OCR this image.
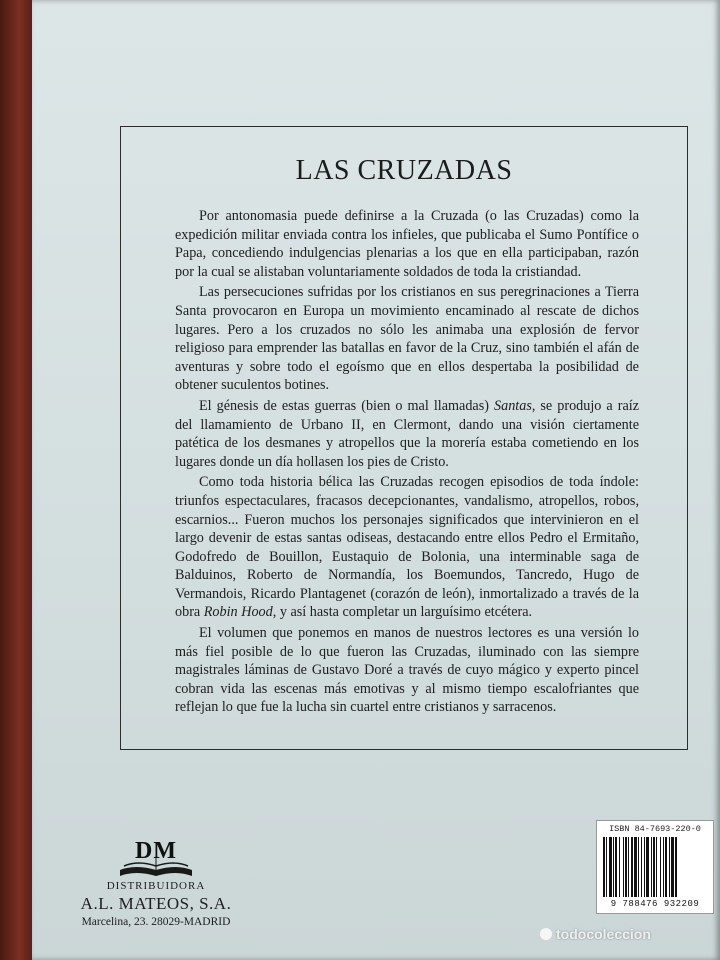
LAS CRUZADAS

Por antonomasia puede definirse a la Cruzada (o las Cruzadas) como la expedición militar enviada contra los infieles, que publicaba el Sumo Pontífice o Papa, concediendo indulgencias plenarias a los que en ella participaban, razón por la cual se alistaban voluntariamente soldados de toda la cristiandad.

Las persecuciones sufridas por los cristianos en sus peregrinaciones a Tierra Santa provocaron en Europa un movimiento encaminado al rescate de dichos lugares. Pero a los cruzados no sólo les animaba una explosión de fervor religioso para emprender las batallas en favor de la Cruz, sino también el afán de aventuras y sobre todo el egoísmo que en ellos despertaba la posibilidad de obtener suculentos botines.

El génesis de estas guerras (bien o mal llamadas) Santas, se produjo a raíz del llamamiento de Urbano II, en Clermont, dando una visión ciertamente patética de los desmanes y atropellos que la morería estaba cometiendo en los lugares donde un día hollasen los pies de Cristo.

Como toda historia bélica las Cruzadas recogen episodios de toda índole: triunfos espectaculares, fracasos decepcionantes, vandalismo, atropellos, robos, escarnios... Fueron muchos los personajes significados que intervinieron en el largo devenir de estas santas odiseas, destacando entre ellos Pedro el Ermitaño, Godofredo de Bouillon, Eustaquio de Bolonia, una interminable saga de Balduinos, Roberto de Normandía, los Boemundos, Tancredo, Hugo de Vermandois, Ricardo Plantagenet (corazón de león), inmortalizado a través de la obra Robin Hood, y así hasta completar un larguísimo etcétera.

El volumen que ponemos en manos de nuestros lectores es una versión lo más fiel posible de lo que fueron las Cruzadas, iluminado con las siempre magistrales láminas de Gustavo Doré a través de cuyo mágico y experto pincel cobran vida las escenas más emotivas y al mismo tiempo escalofriantes que reflejan lo que fue la lucha sin cuartel entre cristianos y sarracenos.

DM
DISTRIBUIDORA
A.L. MATEOS, S.A.
Marcelina, 23. 28029-MADRID
ISBN 84-7693-220-0
9 788476 932209
todocoleccion
